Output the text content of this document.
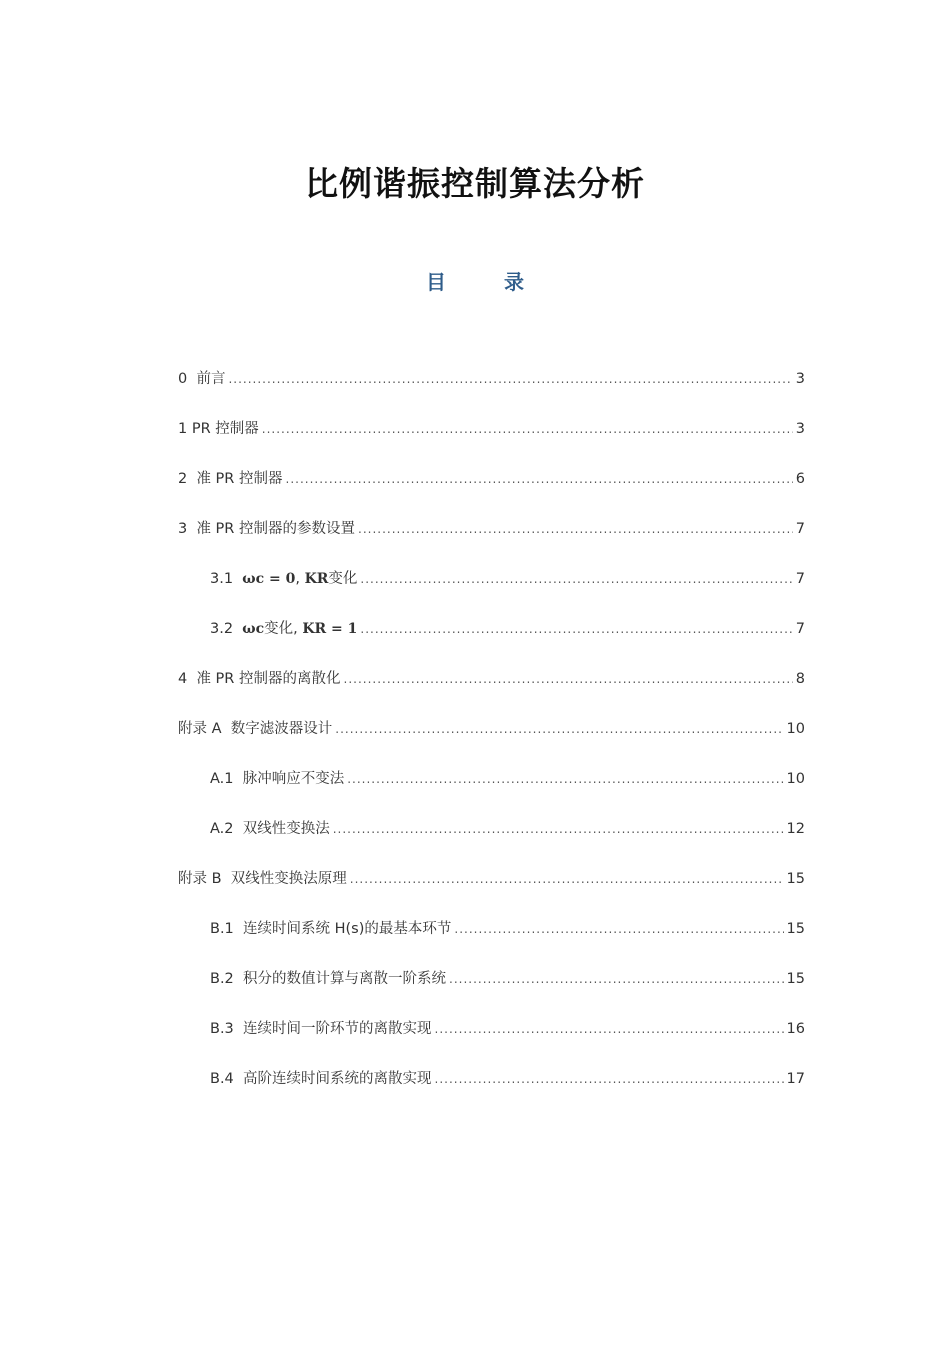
比例谐振控制算法分析
目	录
0 前言 .....	3
1 PR 控制器 .....	3
2 准 PR 控制器 .....	6
3 准 PR 控制器的参数设置 .....	7
3.1 ωc = 0, KR变化 .....	7
3.2 ωc变化, KR = 1 .....	7
4 准 PR 控制器的离散化 .....	8
附录 A 数字滤波器设计 .....	10
A.1 脉冲响应不变法 .....	10
A.2 双线性变换法 .....	12
附录 B 双线性变换法原理 .....	15
B.1 连续时间系统 H(s)的最基本环节 .....	15
B.2 积分的数值计算与离散一阶系统 .....	15
B.3 连续时间一阶环节的离散实现 .....	16
B.4 高阶连续时间系统的离散实现 .....	17
